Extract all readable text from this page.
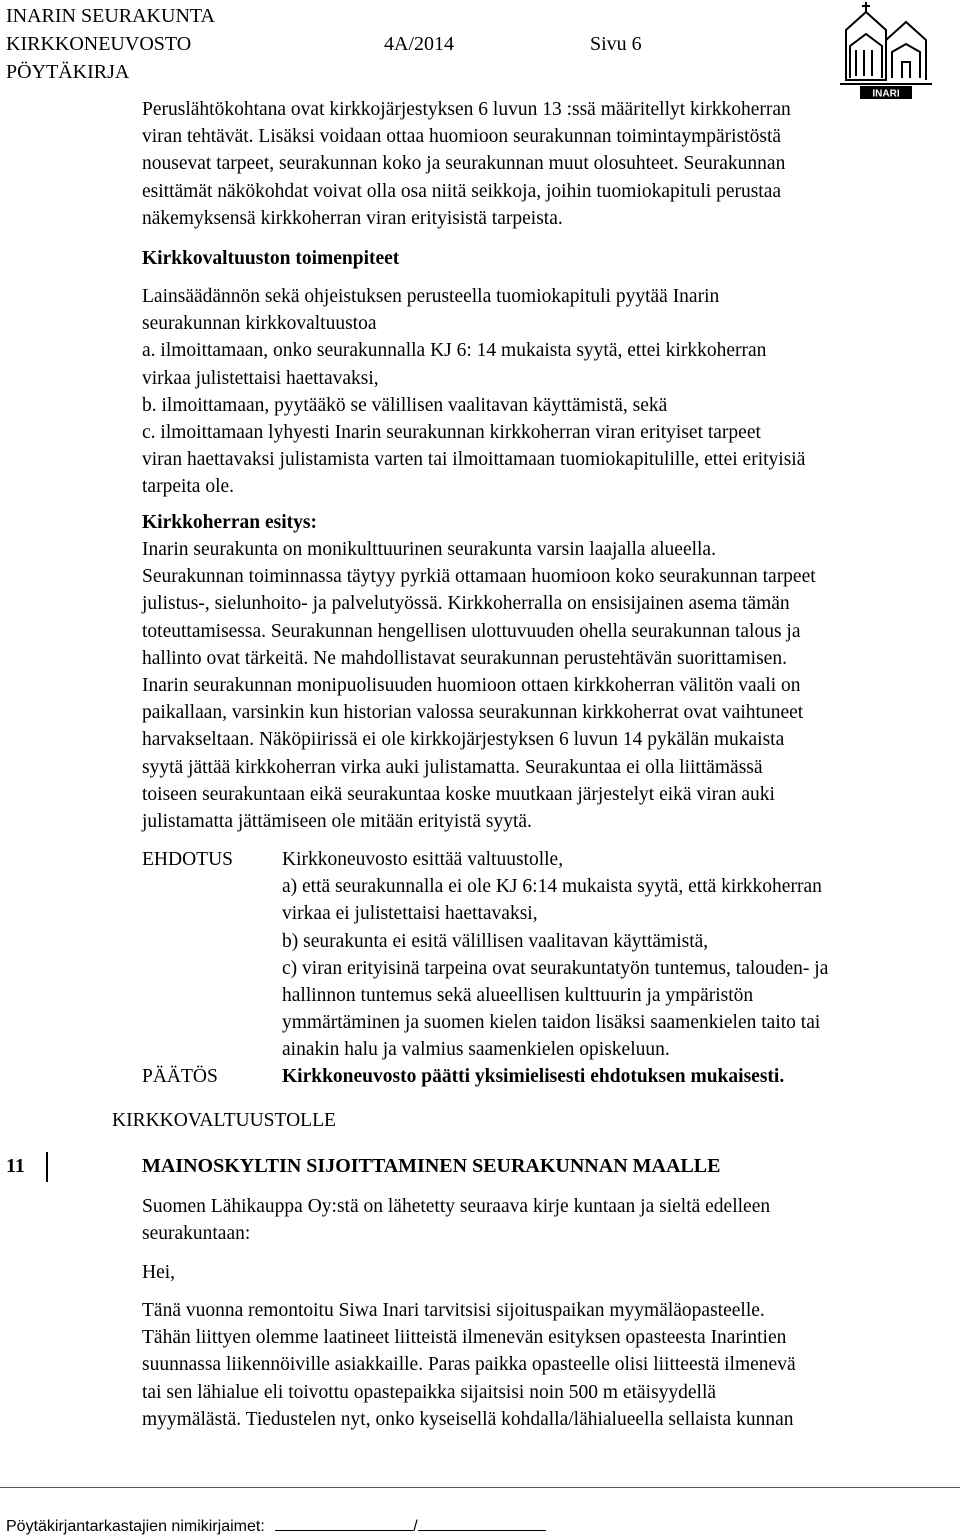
INARIN SEURAKUNTA
KIRKKONEUVOSTO	4A/2014	Sivu 6
PÖYTÄKIRJA
INARI
Peruslähtökohtana ovat kirkkojärjestyksen 6 luvun 13 :ssä määritellyt kirkkoherran
viran tehtävät. Lisäksi voidaan ottaa huomioon seurakunnan toimintaympäristöstä
nousevat tarpeet, seurakunnan koko ja seurakunnan muut olosuhteet. Seurakunnan
esittämät näkökohdat voivat olla osa niitä seikkoja, joihin tuomiokapituli perustaa
näkemyksensä kirkkoherran viran erityisistä tarpeista.
Kirkkovaltuuston toimenpiteet
Lainsäädännön sekä ohjeistuksen perusteella tuomiokapituli pyytää Inarin
seurakunnan kirkkovaltuustoa
a. ilmoittamaan, onko seurakunnalla KJ 6: 14 mukaista syytä, ettei kirkkoherran
virkaa julistettaisi haettavaksi,
b. ilmoittamaan, pyytääkö se välillisen vaalitavan käyttämistä, sekä
c. ilmoittamaan lyhyesti Inarin seurakunnan kirkkoherran viran erityiset tarpeet
viran haettavaksi julistamista varten tai ilmoittamaan tuomiokapitulille, ettei erityisiä
tarpeita ole.
Kirkkoherran esitys:
Inarin seurakunta on monikulttuurinen seurakunta varsin laajalla alueella.
Seurakunnan toiminnassa täytyy pyrkiä ottamaan huomioon koko seurakunnan tarpeet
julistus-, sielunhoito- ja palvelutyössä. Kirkkoherralla on ensisijainen asema tämän
toteuttamisessa. Seurakunnan hengellisen ulottuvuuden ohella seurakunnan talous ja
hallinto ovat tärkeitä. Ne mahdollistavat seurakunnan perustehtävän suorittamisen.
Inarin seurakunnan monipuolisuuden huomioon ottaen kirkkoherran välitön vaali on
paikallaan, varsinkin kun historian valossa seurakunnan kirkkoherrat ovat vaihtuneet
harvakseltaan. Näköpiirissä ei ole kirkkojärjestyksen 6 luvun 14 pykälän mukaista
syytä jättää kirkkoherran virka auki julistamatta. Seurakuntaa ei olla liittämässä
toiseen seurakuntaan eikä seurakuntaa koske muutkaan järjestelyt eikä viran auki
julistamatta jättämiseen ole mitään erityistä syytä.
EHDOTUS	Kirkkoneuvosto esittää valtuustolle,
a) että seurakunnalla ei ole KJ 6:14 mukaista syytä, että kirkkoherran
virkaa ei julistettaisi haettavaksi,
b) seurakunta ei esitä välillisen vaalitavan käyttämistä,
c) viran erityisinä tarpeina ovat seurakuntatyön tuntemus, talouden- ja
hallinnon tuntemus sekä alueellisen kulttuurin ja ympäristön
ymmärtäminen ja suomen kielen taidon lisäksi saamenkielen taito tai
ainakin halu ja valmius saamenkielen opiskeluun.
PÄÄTÖS	Kirkkoneuvosto päätti yksimielisesti ehdotuksen mukaisesti.
KIRKKOVALTUUSTOLLE
11	MAINOSKYLTIN SIJOITTAMINEN SEURAKUNNAN MAALLE
Suomen Lähikauppa Oy:stä on lähetetty seuraava kirje kuntaan ja sieltä edelleen
seurakuntaan:
Hei,
Tänä vuonna remontoitu Siwa Inari tarvitsisi sijoituspaikan myymäläopasteelle.
Tähän liittyen olemme laatineet liitteistä ilmenevän esityksen opasteesta Inarintien
suunnassa liikennöiville asiakkaille. Paras paikka opasteelle olisi liitteestä ilmenevä
tai sen lähialue eli toivottu opastepaikka sijaitsisi noin 500 m etäisyydellä
myymälästä. Tiedustelen nyt, onko kyseisellä kohdalla/lähialueella sellaista kunnan
Pöytäkirjantarkastajien nimikirjaimet:	/
